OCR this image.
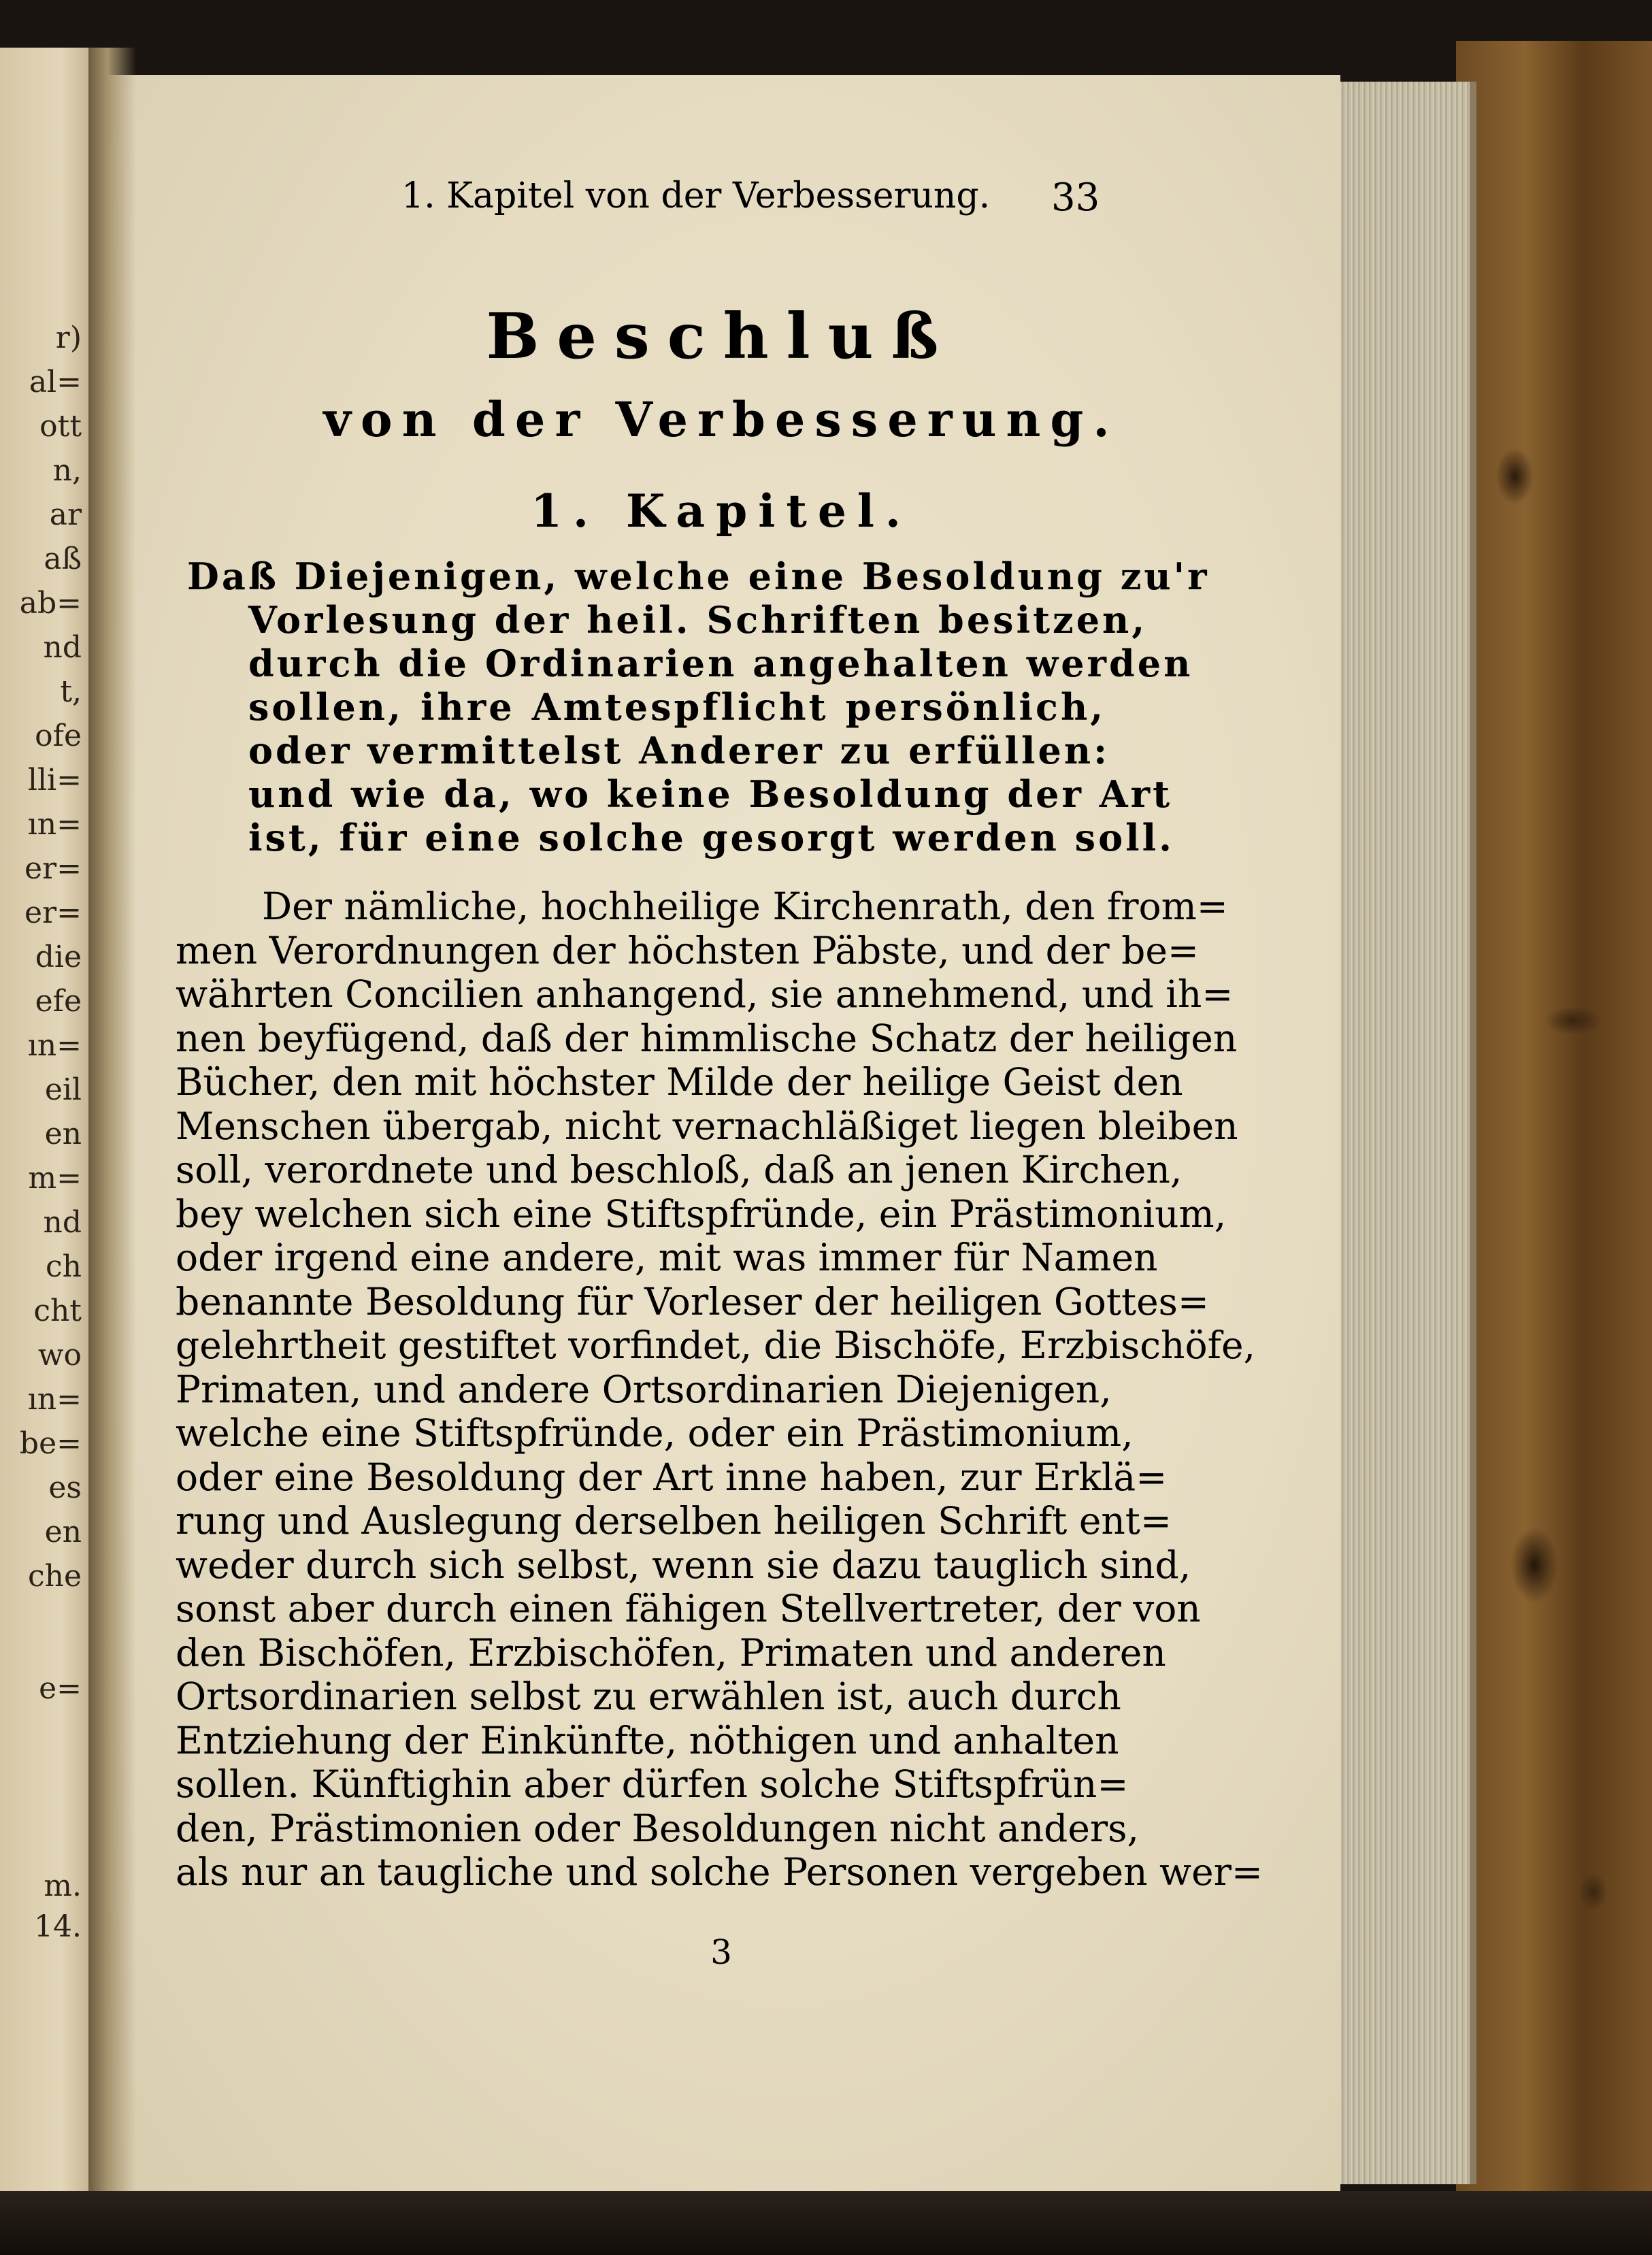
r)
al=
ott
n,
ar
aß
ab=
nd
t,
ofe
lli=
ın=
er=
er=
die
efe
ın=
eil
en
m=
nd
ch
cht
wo
ın=
be=
es
en
che
e=
m.
14.
1. Kapitel von der Verbesserung. 33
Beschluß
von der Verbesserung.
1. Kapitel.
Daß Diejenigen, welche eine Besoldung zu'r
Vorlesung der heil. Schriften besitzen,
durch die Ordinarien angehalten werden
sollen, ihre Amtespflicht persönlich,
oder vermittelst Anderer zu erfüllen:
und wie da, wo keine Besoldung der Art
ist, für eine solche gesorgt werden soll.
Der nämliche, hochheilige Kirchenrath, den from=
men Verordnungen der höchsten Päbste, und der be=
währten Concilien anhangend, sie annehmend, und ih=
nen beyfügend, daß der himmlische Schatz der heiligen
Bücher, den mit höchster Milde der heilige Geist den
Menschen übergab, nicht vernachläßiget liegen bleiben
soll, verordnete und beschloß, daß an jenen Kirchen,
bey welchen sich eine Stiftspfründe, ein Prästimonium,
oder irgend eine andere, mit was immer für Namen
benannte Besoldung für Vorleser der heiligen Gottes=
gelehrtheit gestiftet vorfindet, die Bischöfe, Erzbischöfe,
Primaten, und andere Ortsordinarien Diejenigen,
welche eine Stiftspfründe, oder ein Prästimonium,
oder eine Besoldung der Art inne haben, zur Erklä=
rung und Auslegung derselben heiligen Schrift ent=
weder durch sich selbst, wenn sie dazu tauglich sind,
sonst aber durch einen fähigen Stellvertreter, der von
den Bischöfen, Erzbischöfen, Primaten und anderen
Ortsordinarien selbst zu erwählen ist, auch durch
Entziehung der Einkünfte, nöthigen und anhalten
sollen. Künftighin aber dürfen solche Stiftspfrün=
den, Prästimonien oder Besoldungen nicht anders,
als nur an taugliche und solche Personen vergeben wer=
3
